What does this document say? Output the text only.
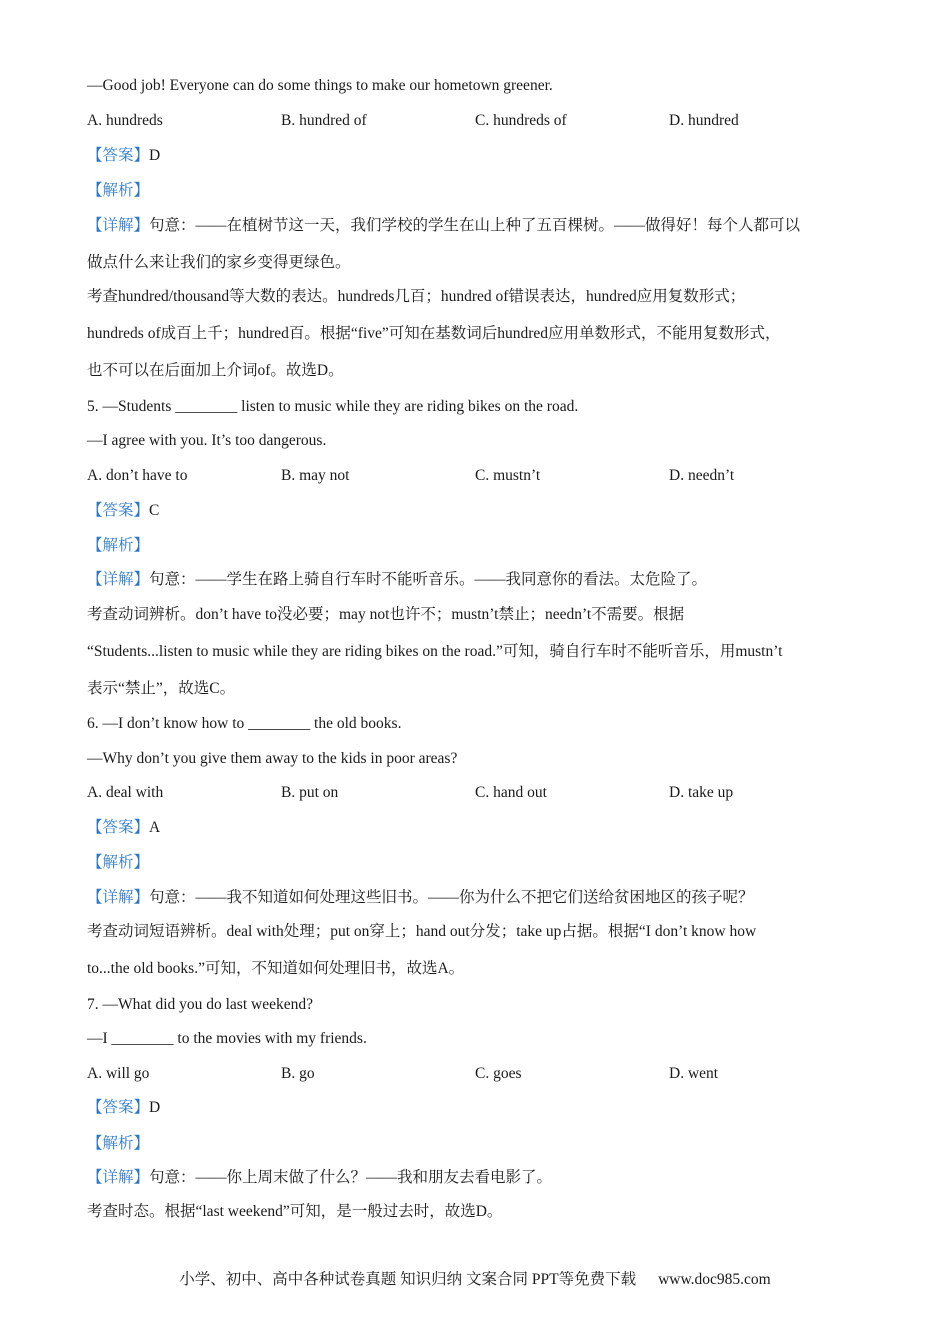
—Good job! Everyone can do some things to make our hometown greener.
A. hundreds	B. hundred of	C. hundreds of	D. hundred
【答案】D
【解析】
【详解】句意：——在植树节这一天，我们学校的学生在山上种了五百棵树。——做得好！每个人都可以
做点什么来让我们的家乡变得更绿色。
考查hundred/thousand等大数的表达。hundreds几百；hundred of错误表达，hundred应用复数形式；
hundreds of成百上千；hundred百。根据“five”可知在基数词后hundred应用单数形式，不能用复数形式，
也不可以在后面加上介词of。故选D。
5. —Students ________ listen to music while they are riding bikes on the road.
—I agree with you. It’s too dangerous.
A. don’t have to	B. may not	C. mustn’t	D. needn’t
【答案】C
【解析】
【详解】句意：——学生在路上骑自行车时不能听音乐。——我同意你的看法。太危险了。
考查动词辨析。don’t have to没必要；may not也许不；mustn’t禁止；needn’t不需要。根据
“Students...listen to music while they are riding bikes on the road.”可知，骑自行车时不能听音乐，用mustn’t
表示“禁止”，故选C。
6. —I don’t know how to ________ the old books.
—Why don’t you give them away to the kids in poor areas?
A. deal with	B. put on	C. hand out	D. take up
【答案】A
【解析】
【详解】句意：——我不知道如何处理这些旧书。——你为什么不把它们送给贫困地区的孩子呢？
考查动词短语辨析。deal with处理；put on穿上；hand out分发；take up占据。根据“I don’t know how
to...the old books.”可知，不知道如何处理旧书，故选A。
7. —What did you do last weekend?
—I ________ to the movies with my friends.
A. will go	B. go	C. goes	D. went
【答案】D
【解析】
【详解】句意：——你上周末做了什么？——我和朋友去看电影了。
考查时态。根据“last weekend”可知，是一般过去时，故选D。
小学、初中、高中各种试卷真题 知识归纳 文案合同 PPT等免费下载 www.doc985.com
